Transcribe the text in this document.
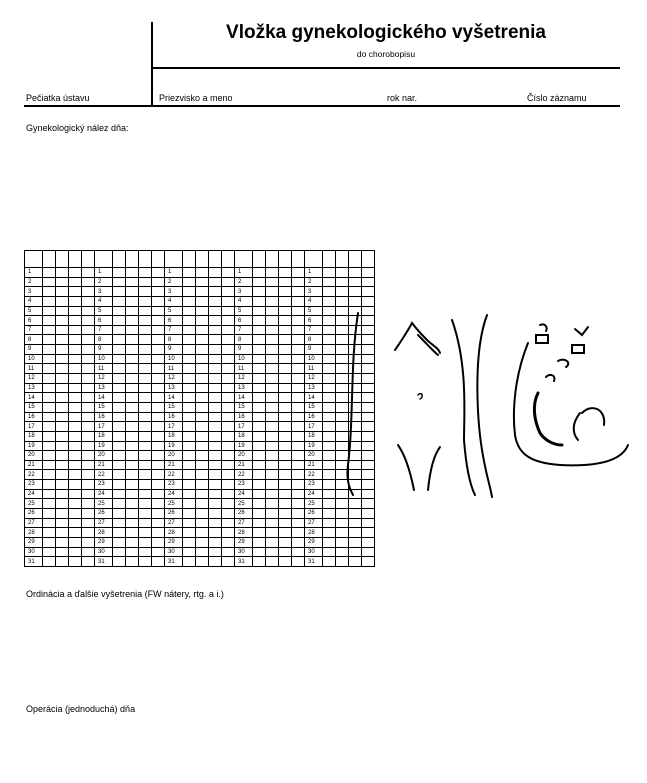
Vložka gynekologického vyšetrenia
do chorobopisu
Pečiatka ústavu	Priezvisko a meno	rok nar.	Číslo záznamu
Gynekologický nález dňa:

1					1					1					1					1				
2					2					2					2					2				
3					3					3					3					3				
4					4					4					4					4				
5					5					5					5					5				
6					6					6					6					6				
7					7					7					7					7				
8					8					8					8					8				
9					9					9					9					9				
10					10					10					10					10				
11					11					11					11					11				
12					12					12					12					12				
13					13					13					13					13				
14					14					14					14					14				
15					15					15					15					15				
16					16					16					16					16				
17					17					17					17					17				
18					18					18					18					18				
19					19					19					19					19				
20					20					20					20					20				
21					21					21					21					21				
22					22					22					22					22				
23					23					23					23					23				
24					24					24					24					24				
25					25					25					25					25				
26					26					26					26					26				
27					27					27					27					27				
28					28					28					28					28				
29					29					29					29					29				
30					30					30					30					30				
31					31					31					31					31				
Ordinácia a ďalšie vyšetrenia (FW nátery, rtg. a i.)
Operácia (jednoduchá) dňa
